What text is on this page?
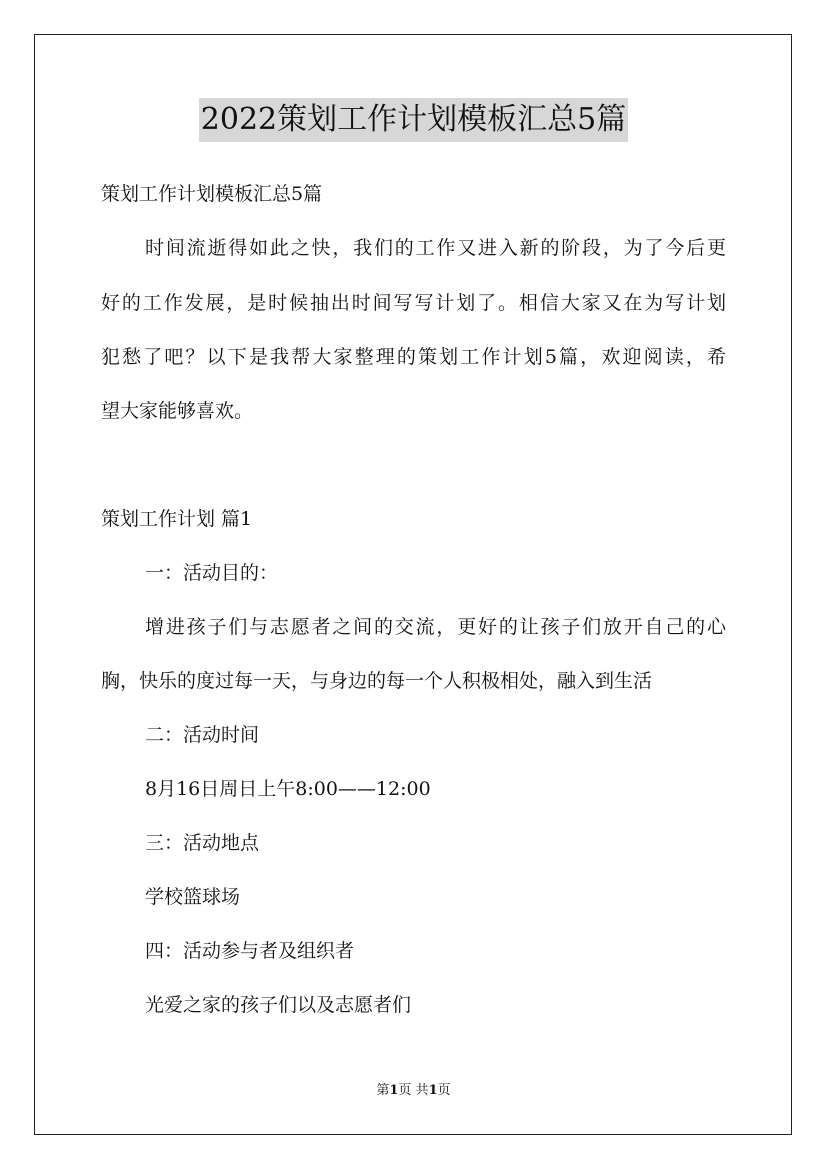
2022策划工作计划模板汇总5篇
策划工作计划模板汇总5篇
时间流逝得如此之快，我们的工作又进入新的阶段，为了今后更
好的工作发展，是时候抽出时间写写计划了。相信大家又在为写计划
犯愁了吧？以下是我帮大家整理的策划工作计划5篇，欢迎阅读，希
望大家能够喜欢。
策划工作计划 篇1
一：活动目的：
增进孩子们与志愿者之间的交流，更好的让孩子们放开自己的心
胸，快乐的度过每一天，与身边的每一个人积极相处，融入到生活
二：活动时间
8月16日周日上午8:00——12:00
三：活动地点
学校篮球场
四：活动参与者及组织者
光爱之家的孩子们以及志愿者们
第1页 共1页
